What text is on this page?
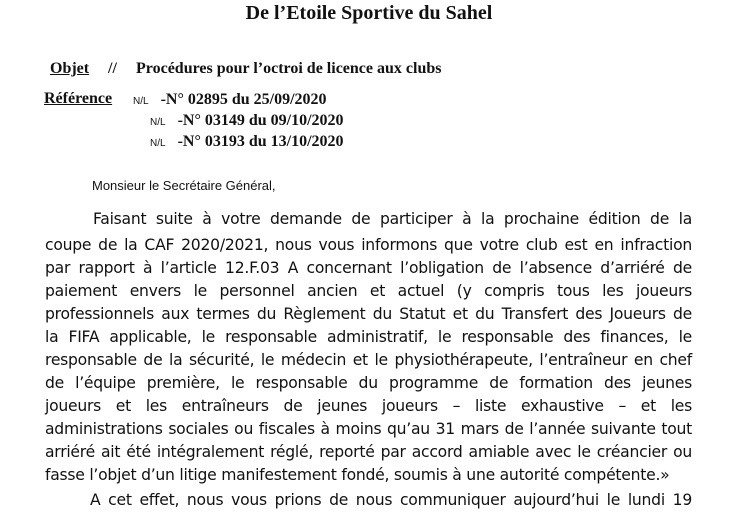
De l’Etoile Sportive du Sahel
Objet // Procédures pour l’octroi de licence aux clubs
Référence N/L -N° 02895 du 25/09/2020
N/L -N° 03149 du 09/10/2020
N/L -N° 03193 du 13/10/2020
Monsieur le Secrétaire Général,
Faisant suite à votre demande de participer à la prochaine édition de la
coupe de la CAF 2020/2021, nous vous informons que votre club est en infraction
par rapport à l’article 12.F.03 A concernant l’obligation de l’absence d’arriéré de
paiement envers le personnel ancien et actuel (y compris tous les joueurs
professionnels aux termes du Règlement du Statut et du Transfert des Joueurs de
la FIFA applicable, le responsable administratif, le responsable des finances, le
responsable de la sécurité, le médecin et le physiothérapeute, l’entraîneur en chef
de l’équipe première, le responsable du programme de formation des jeunes
joueurs et les entraîneurs de jeunes joueurs – liste exhaustive – et les
administrations sociales ou fiscales à moins qu’au 31 mars de l’année suivante tout
arriéré ait été intégralement réglé, reporté par accord amiable avec le créancier ou
fasse l’objet d’un litige manifestement fondé, soumis à une autorité compétente.»
A cet effet, nous vous prions de nous communiquer aujourd’hui le lundi 19
